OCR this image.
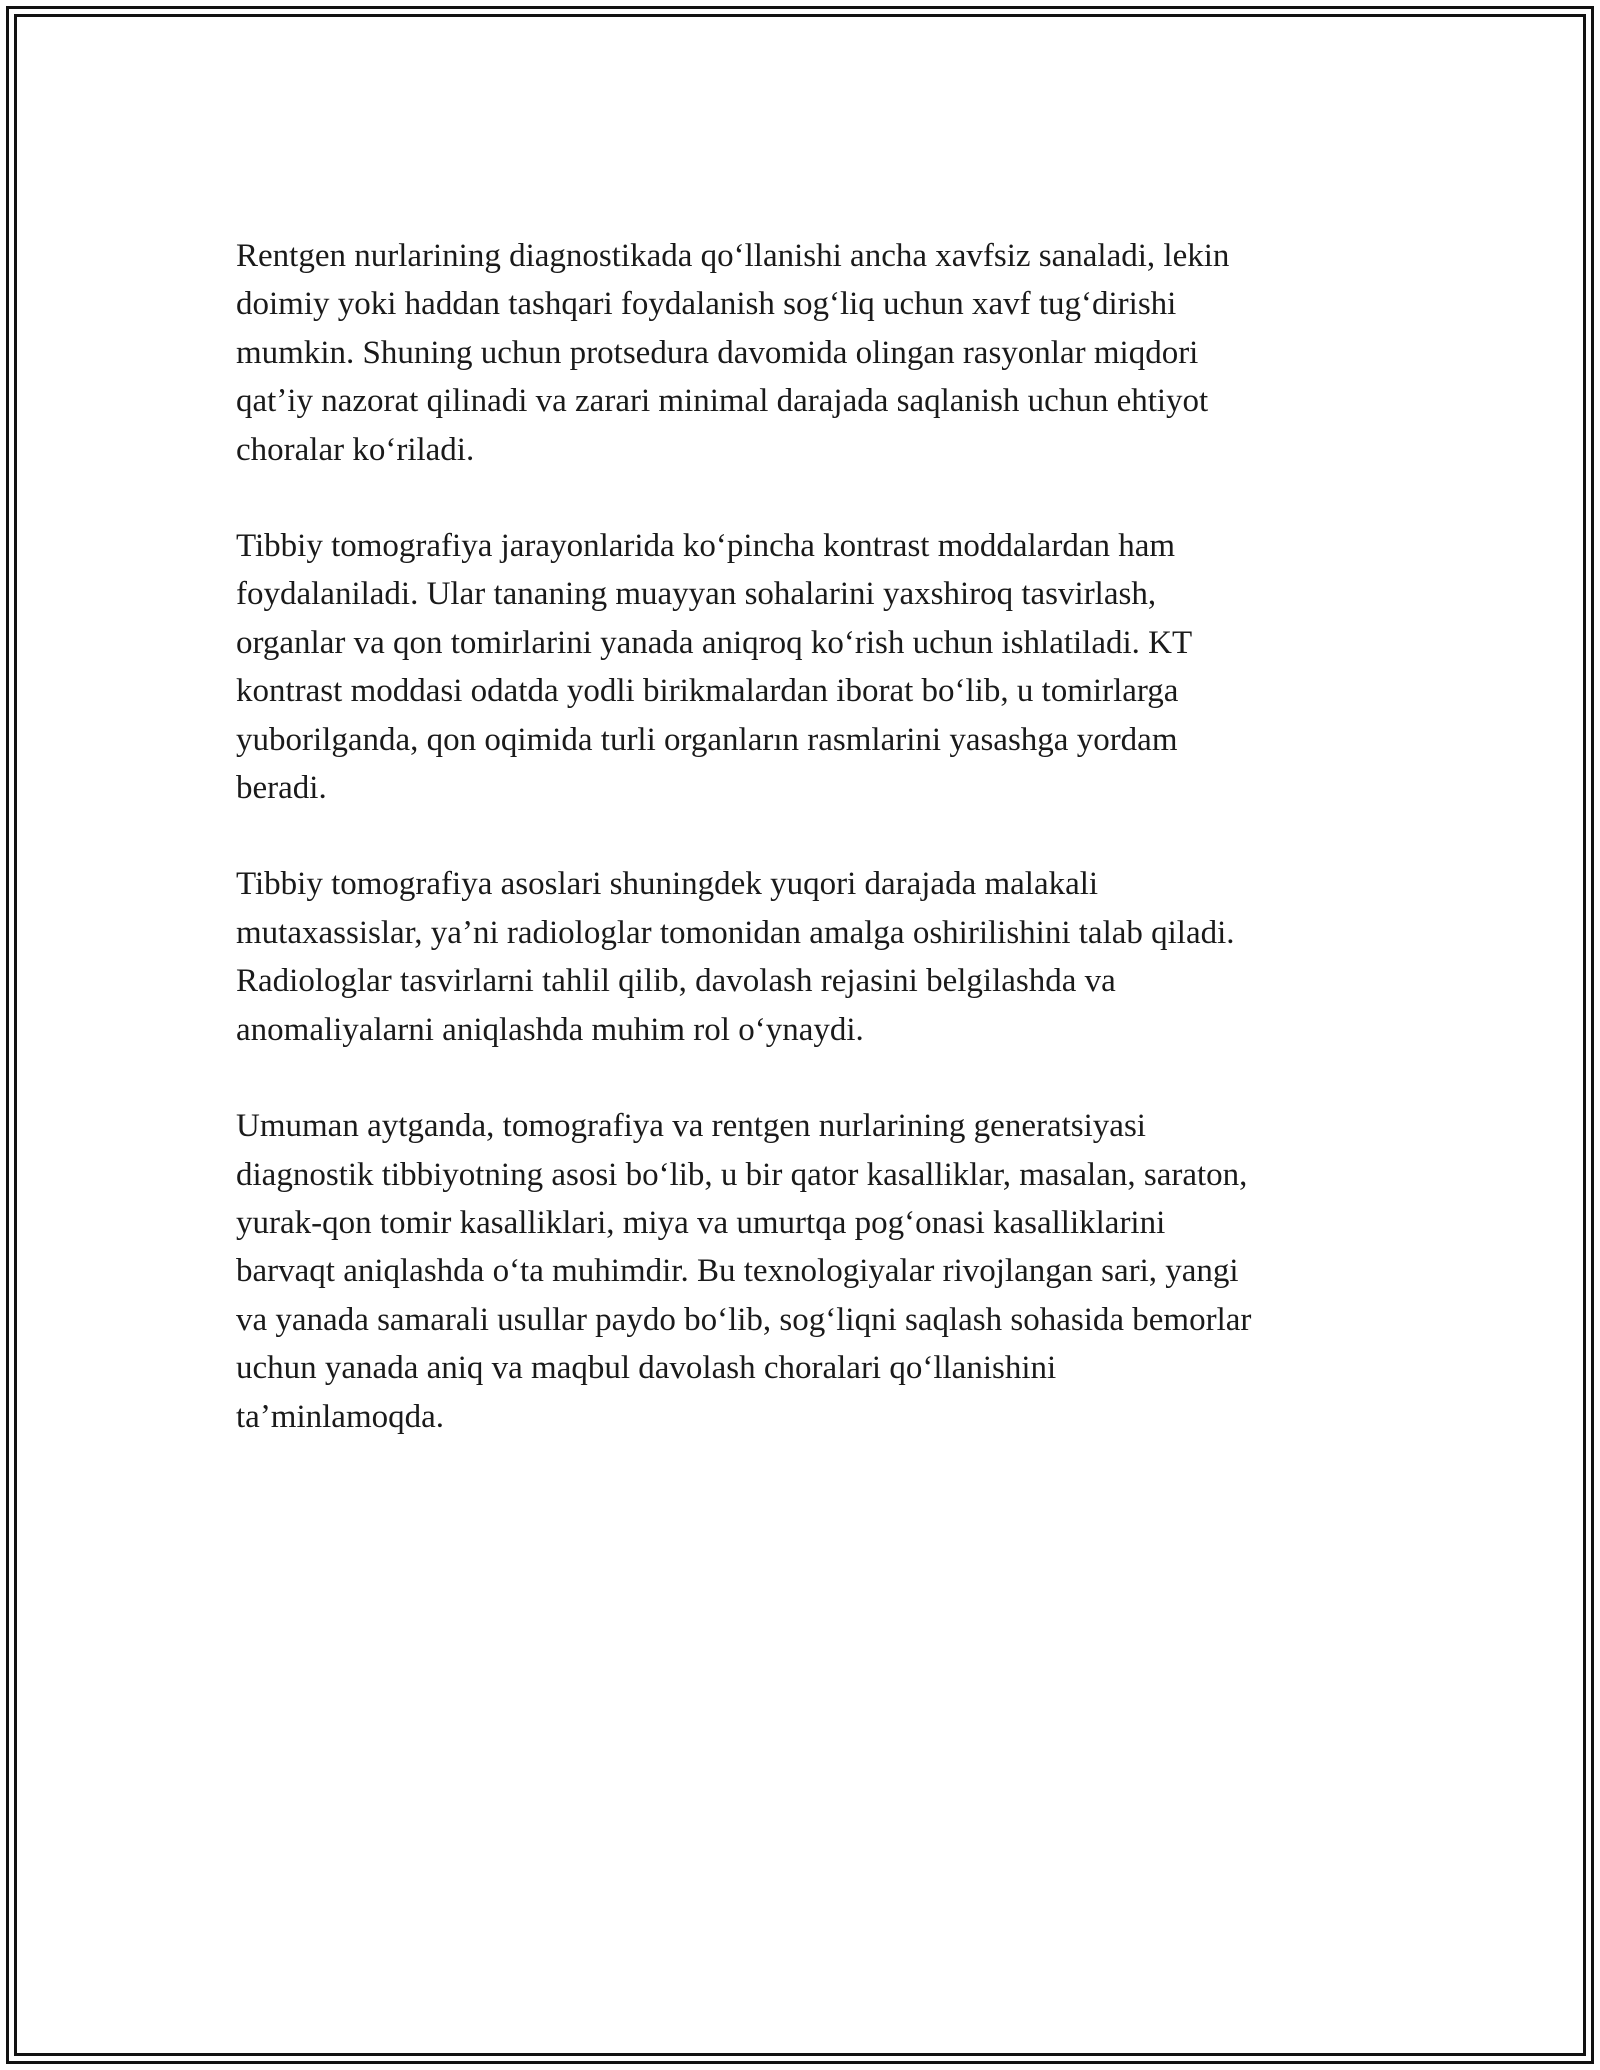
Rentgen nurlarining diagnostikada qoʻllanishi ancha xavfsiz sanaladi, lekin
doimiy yoki haddan tashqari foydalanish sogʻliq uchun xavf tugʻdirishi
mumkin. Shuning uchun protsedura davomida olingan rasyonlar miqdori
qatʼiy nazorat qilinadi va zarari minimal darajada saqlanish uchun ehtiyot
choralar koʻriladi.

Tibbiy tomografiya jarayonlarida koʻpincha kontrast moddalardan ham
foydalaniladi. Ular tananing muayyan sohalarini yaxshiroq tasvirlash,
organlar va qon tomirlarini yanada aniqroq koʻrish uchun ishlatiladi. KT
kontrast moddasi odatda yodli birikmalardan iborat boʻlib, u tomirlarga
yuborilganda, qon oqimida turli organların rasmlarini yasashga yordam
beradi.

Tibbiy tomografiya asoslari shuningdek yuqori darajada malakali
mutaxassislar, yaʼni radiologlar tomonidan amalga oshirilishini talab qiladi.
Radiologlar tasvirlarni tahlil qilib, davolash rejasini belgilashda va
anomaliyalarni aniqlashda muhim rol oʻynaydi.

Umuman aytganda, tomografiya va rentgen nurlarining generatsiyasi
diagnostik tibbiyotning asosi boʻlib, u bir qator kasalliklar, masalan, saraton,
yurak-qon tomir kasalliklari, miya va umurtqa pogʻonasi kasalliklarini
barvaqt aniqlashda oʻta muhimdir. Bu texnologiyalar rivojlangan sari, yangi
va yanada samarali usullar paydo boʻlib, sogʻliqni saqlash sohasida bemorlar
uchun yanada aniq va maqbul davolash choralari qoʻllanishini
taʼminlamoqda.
